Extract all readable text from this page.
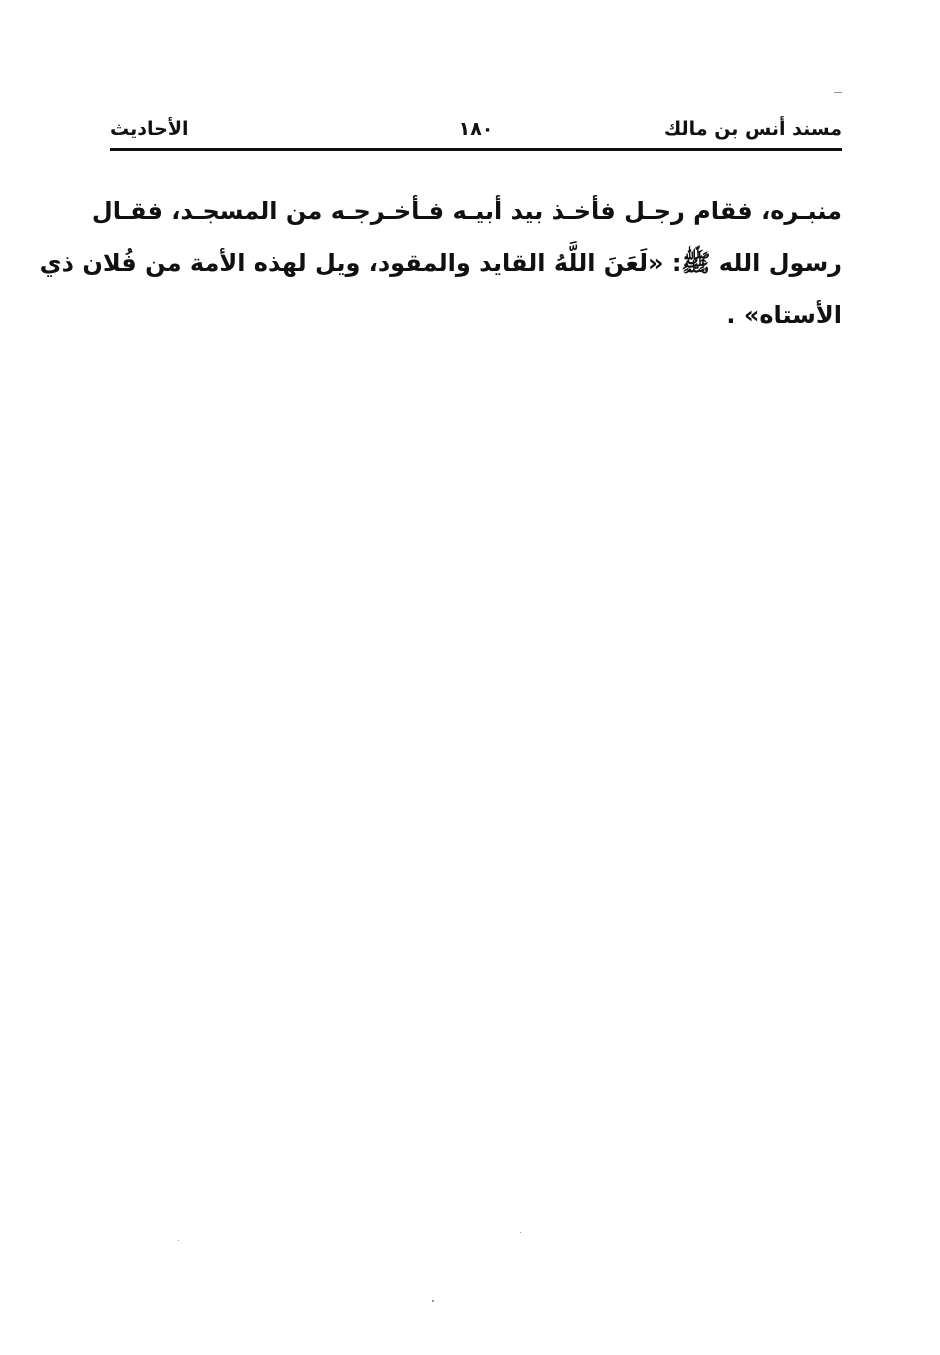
مسند أنس بن مالك
١٨٠
الأحاديث
منبـره، فقام رجـل فأخـذ بيد أبيـه فـأخـرجـه من المسجـد، فقـال
رسول الله ﷺ: «لَعَنَ اللَّهُ القايد والمقود، ويل لهذه الأمة من فُلان ذي
الأستاه» .
